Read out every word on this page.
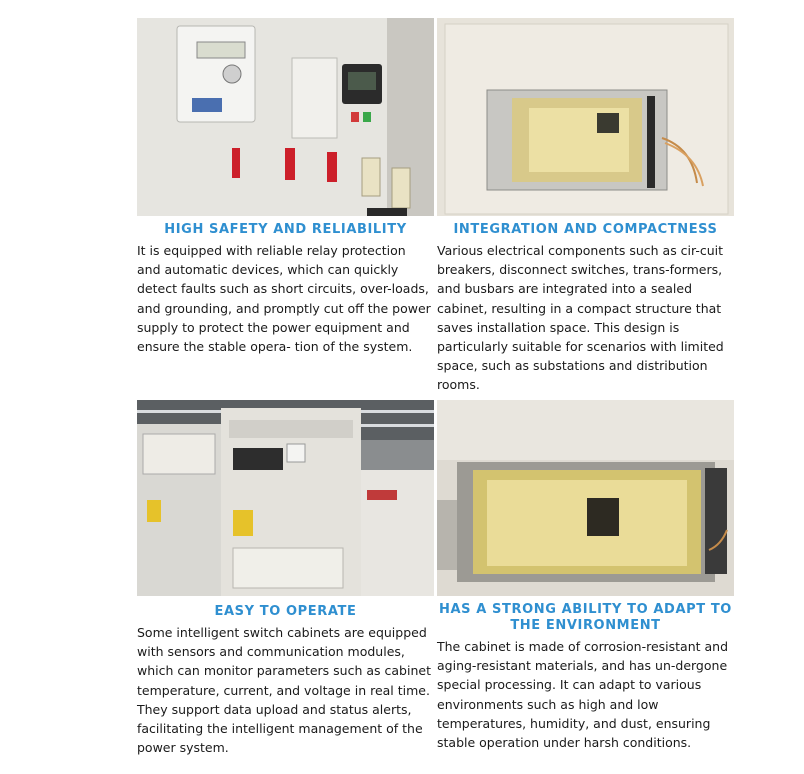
HIGH SAFETY AND RELIABILITY
It is equipped with reliable relay protection and automatic devices, which can quickly detect faults such as short circuits, over-loads, and grounding, and promptly cut off the power supply to protect the power equipment and ensure the stable opera- tion of the system.
INTEGRATION AND COMPACTNESS
Various electrical components such as cir-cuit breakers, disconnect switches, trans-formers, and busbars are integrated into a sealed cabinet, resulting in a compact structure that saves installation space. This design is particularly suitable for scenarios with limited space, such as substations and distribution rooms.
EASY TO OPERATE
Some intelligent switch cabinets are equipped with sensors and communication modules, which can monitor parameters such as cabinet temperature, current, and voltage in real time. They support data upload and status alerts, facilitating the intelligent management of the power system.
HAS A STRONG ABILITY TO ADAPT TO THE ENVIRONMENT
The cabinet is made of corrosion-resistant and aging-resistant materials, and has un-dergone special processing. It can adapt to various environments such as high and low temperatures, humidity, and dust, ensuring stable operation under harsh conditions.
